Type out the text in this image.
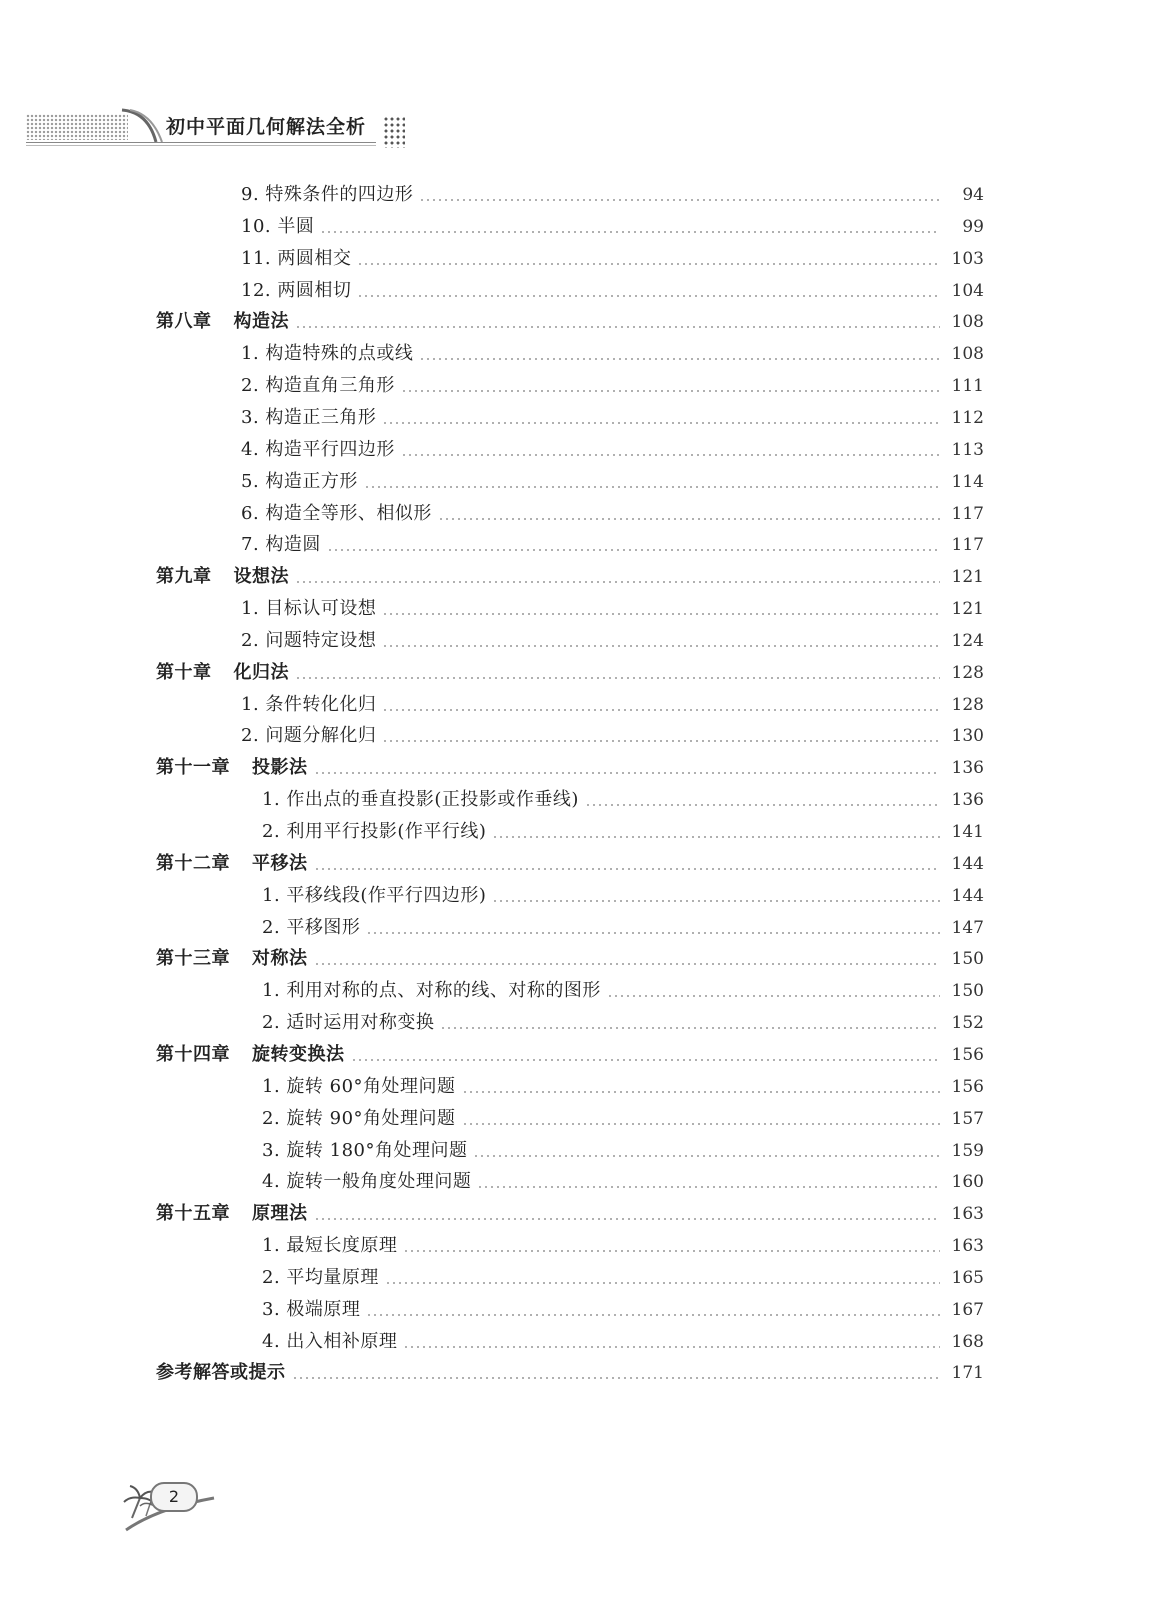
初中平面几何解法全析
9. 特殊条件的四边形	94
10. 半圆	99
11. 两圆相交	103
12. 两圆相切	104
第八章 构造法	108
1. 构造特殊的点或线	108
2. 构造直角三角形	111
3. 构造正三角形	112
4. 构造平行四边形	113
5. 构造正方形	114
6. 构造全等形、相似形	117
7. 构造圆	117
第九章 设想法	121
1. 目标认可设想	121
2. 问题特定设想	124
第十章 化归法	128
1. 条件转化化归	128
2. 问题分解化归	130
第十一章 投影法	136
1. 作出点的垂直投影(正投影或作垂线)	136
2. 利用平行投影(作平行线)	141
第十二章 平移法	144
1. 平移线段(作平行四边形)	144
2. 平移图形	147
第十三章 对称法	150
1. 利用对称的点、对称的线、对称的图形	150
2. 适时运用对称变换	152
第十四章 旋转变换法	156
1. 旋转 60°角处理问题	156
2. 旋转 90°角处理问题	157
3. 旋转 180°角处理问题	159
4. 旋转一般角度处理问题	160
第十五章 原理法	163
1. 最短长度原理	163
2. 平均量原理	165
3. 极端原理	167
4. 出入相补原理	168
参考解答或提示	171
2
